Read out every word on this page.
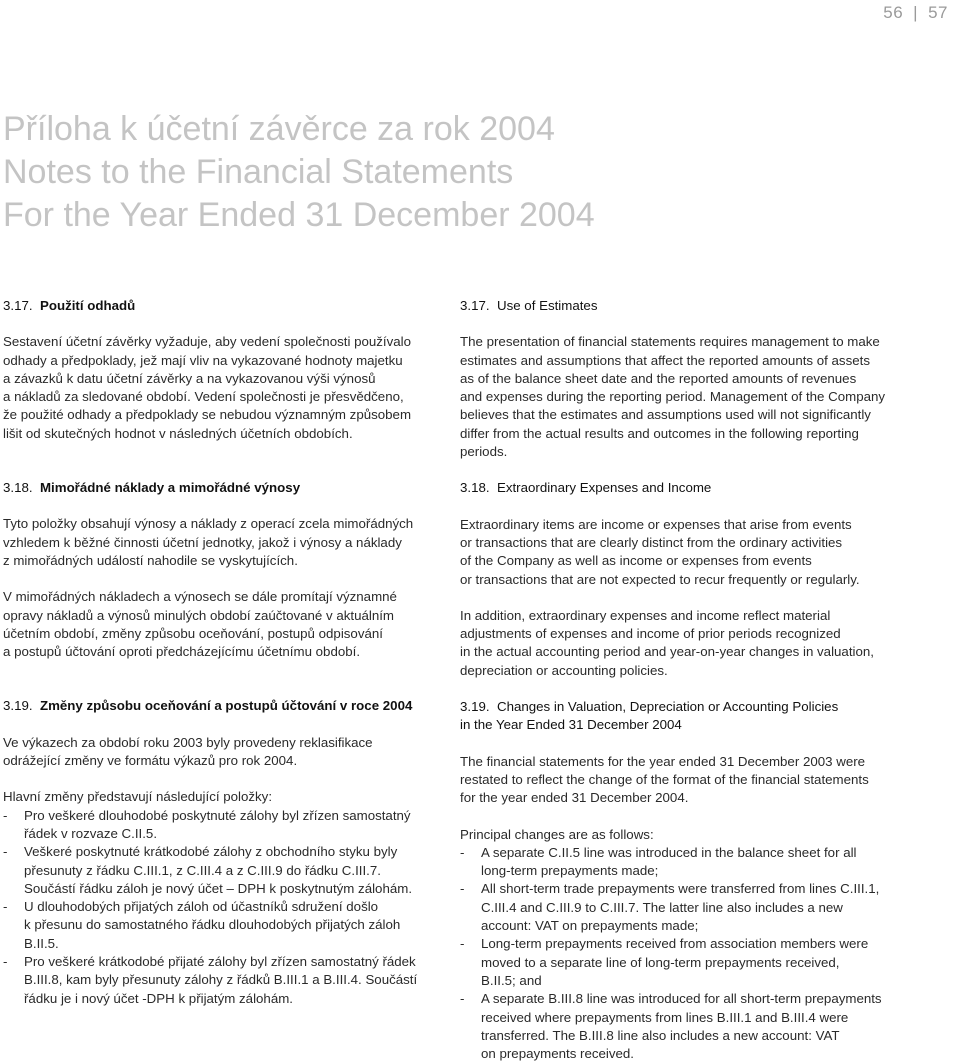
56 | 57
Příloha k účetní závěrce za rok 2004
Notes to the Financial Statements
For the Year Ended 31 December 2004
3.17. Použití odhadů

Sestavení účetní závěrky vyžaduje, aby vedení společnosti používalo
odhady a předpoklady, jež mají vliv na vykazované hodnoty majetku
a závazků k datu účetní závěrky a na vykazovanou výši výnosů
a nákladů za sledované období. Vedení společnosti je přesvědčeno,
že použité odhady a předpoklady se nebudou významným způsobem
lišit od skutečných hodnot v následných účetních obdobích.

3.18. Mimořádné náklady a mimořádné výnosy

Tyto položky obsahují výnosy a náklady z operací zcela mimořádných
vzhledem k běžné činnosti účetní jednotky, jakož i výnosy a náklady
z mimořádných událostí nahodile se vyskytujících.

V mimořádných nákladech a výnosech se dále promítají významné
opravy nákladů a výnosů minulých období zaúčtované v aktuálním
účetním období, změny způsobu oceňování, postupů odpisování
a postupů účtování oproti předcházejícímu účetnímu období.

3.19. Změny způsobu oceňování a postupů účtování v roce 2004

Ve výkazech za období roku 2003 byly provedeny reklasifikace
odrážející změny ve formátu výkazů pro rok 2004.

Hlavní změny představují následující položky:

- Pro veškeré dlouhodobé poskytnuté zálohy byl zřízen samostatný
řádek v rozvaze C.II.5.
- Veškeré poskytnuté krátkodobé zálohy z obchodního styku byly
přesunuty z řádku C.III.1, z C.III.4 a z C.III.9 do řádku C.III.7.
Součástí řádku záloh je nový účet – DPH k poskytnutým zálohám.
- U dlouhodobých přijatých záloh od účastníků sdružení došlo
k přesunu do samostatného řádku dlouhodobých přijatých záloh
B.II.5.
- Pro veškeré krátkodobé přijaté zálohy byl zřízen samostatný řádek
B.III.8, kam byly přesunuty zálohy z řádků B.III.1 a B.III.4. Součástí
řádku je i nový účet -DPH k přijatým zálohám.
3.17. Use of Estimates

The presentation of financial statements requires management to make
estimates and assumptions that affect the reported amounts of assets
as of the balance sheet date and the reported amounts of revenues
and expenses during the reporting period. Management of the Company
believes that the estimates and assumptions used will not significantly
differ from the actual results and outcomes in the following reporting
periods.

3.18. Extraordinary Expenses and Income

Extraordinary items are income or expenses that arise from events
or transactions that are clearly distinct from the ordinary activities
of the Company as well as income or expenses from events
or transactions that are not expected to recur frequently or regularly.

In addition, extraordinary expenses and income reflect material
adjustments of expenses and income of prior periods recognized
in the actual accounting period and year-on-year changes in valuation,
depreciation or accounting policies.

3.19. Changes in Valuation, Depreciation or Accounting Policies
in the Year Ended 31 December 2004

The financial statements for the year ended 31 December 2003 were
restated to reflect the change of the format of the financial statements
for the year ended 31 December 2004.

Principal changes are as follows:

- A separate C.II.5 line was introduced in the balance sheet for all
long-term prepayments made;
- All short-term trade prepayments were transferred from lines C.III.1,
C.III.4 and C.III.9 to C.III.7. The latter line also includes a new
account: VAT on prepayments made;
- Long-term prepayments received from association members were
moved to a separate line of long-term prepayments received,
B.II.5; and
- A separate B.III.8 line was introduced for all short-term prepayments
received where prepayments from lines B.III.1 and B.III.4 were
transferred. The B.III.8 line also includes a new account: VAT
on prepayments received.
